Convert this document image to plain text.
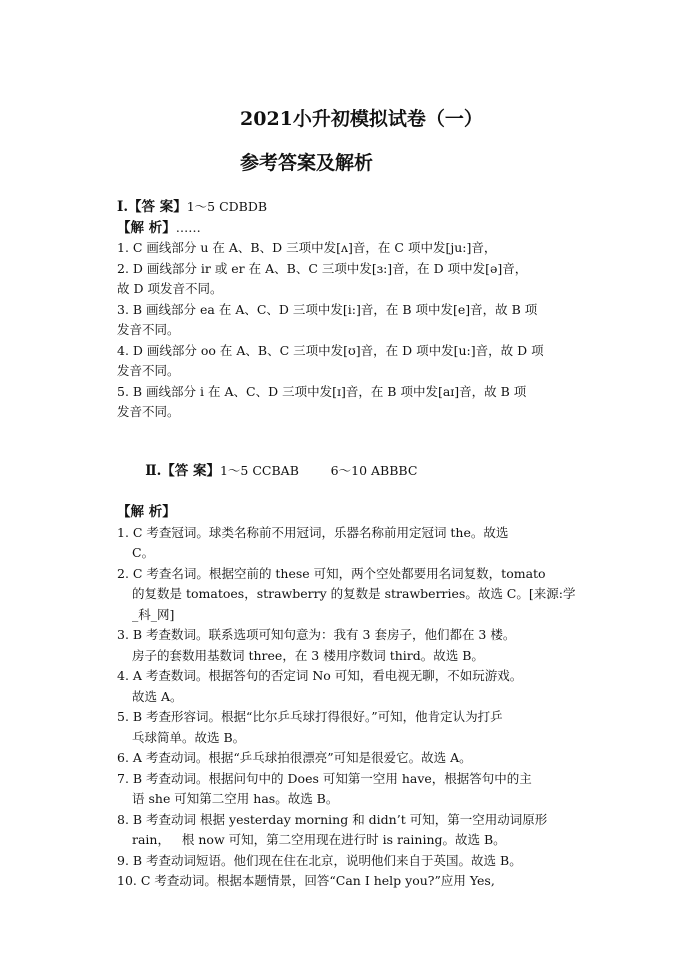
2021小升初模拟试卷（一）
参考答案及解析
Ⅰ.【答 案】1～5 CDBDB
【解 析】……
1. C 画线部分 u 在 A、B、D 三项中发[ʌ]音，在 C 项中发[ju:]音，
2. D 画线部分 ir 或 er 在 A、B、C 三项中发[ɜ:]音，在 D 项中发[ə]音，
故 D 项发音不同。
3. B 画线部分 ea 在 A、C、D 三项中发[i:]音，在 B 项中发[e]音，故 B 项
发音不同。
4. D 画线部分 oo 在 A、B、C 三项中发[ʊ]音，在 D 项中发[u:]音，故 D 项
发音不同。
5. B 画线部分 i 在 A、C、D 三项中发[ɪ]音，在 B 项中发[aɪ]音，故 B 项
发音不同。

Ⅱ.【答 案】1～5 CCBAB        6～10 ABBBC

【解 析】
1. C 考查冠词。球类名称前不用冠词，乐器名称前用定冠词 the。故选
C。
2. C 考查名词。根据空前的 these 可知，两个空处都要用名词复数，tomato
的复数是 tomatoes，strawberry 的复数是 strawberries。故选 C。[来源:学
_科_网]
3. B 考查数词。联系选项可知句意为：我有 3 套房子，他们都在 3 楼。
房子的套数用基数词 three，在 3 楼用序数词 third。故选 B。
4. A 考查数词。根据答句的否定词 No 可知，看电视无聊，不如玩游戏。
故选 A。
5. B 考查形容词。根据“比尔乒乓球打得很好。”可知，他肯定认为打乒
乓球简单。故选 B。
6. A 考查动词。根据“乒乓球拍很漂亮”可知是很爱它。故选 A。
7. B 考查动词。根据问句中的 Does 可知第一空用 have，根据答句中的主
语 she 可知第二空用 has。故选 B。
8. B 考查动词 根据 yesterday morning 和 didn’t 可知，第一空用动词原形
rain，   根 now 可知，第二空用现在进行时 is raining。故选 B。
9. B 考查动词短语。他们现在住在北京，说明他们来自于英国。故选 B。
10. C 考查动词。根据本题情景，回答“Can I help you?”应用 Yes,
